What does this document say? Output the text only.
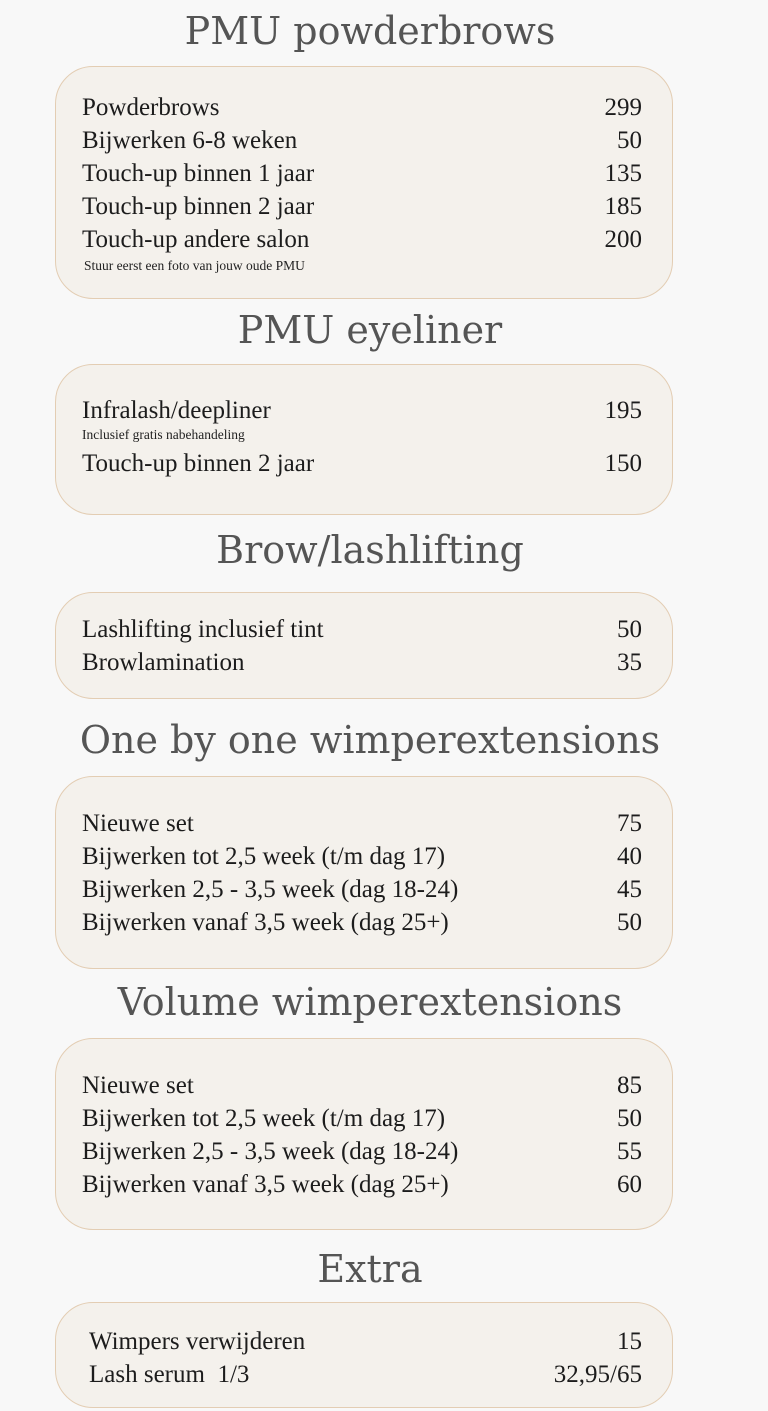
PMU powderbrows
Powderbrows	299
Bijwerken 6-8 weken	50
Touch-up binnen 1 jaar	135
Touch-up binnen 2 jaar	185
Touch-up andere salon	200
Stuur eerst een foto van jouw oude PMU
PMU eyeliner
Infralash/deepliner	195
Inclusief gratis nabehandeling
Touch-up binnen 2 jaar	150
Brow/lashlifting
Lashlifting inclusief tint	50
Browlamination	35
One by one wimperextensions
Nieuwe set	75
Bijwerken tot 2,5 week (t/m dag 17)	40
Bijwerken 2,5 - 3,5 week (dag 18-24)	45
Bijwerken vanaf 3,5 week (dag 25+)	50
Volume wimperextensions
Nieuwe set	85
Bijwerken tot 2,5 week (t/m dag 17)	50
Bijwerken 2,5 - 3,5 week (dag 18-24)	55
Bijwerken vanaf 3,5 week (dag 25+)	60
Extra
Wimpers verwijderen	15
Lash serum  1/3	32,95/65
